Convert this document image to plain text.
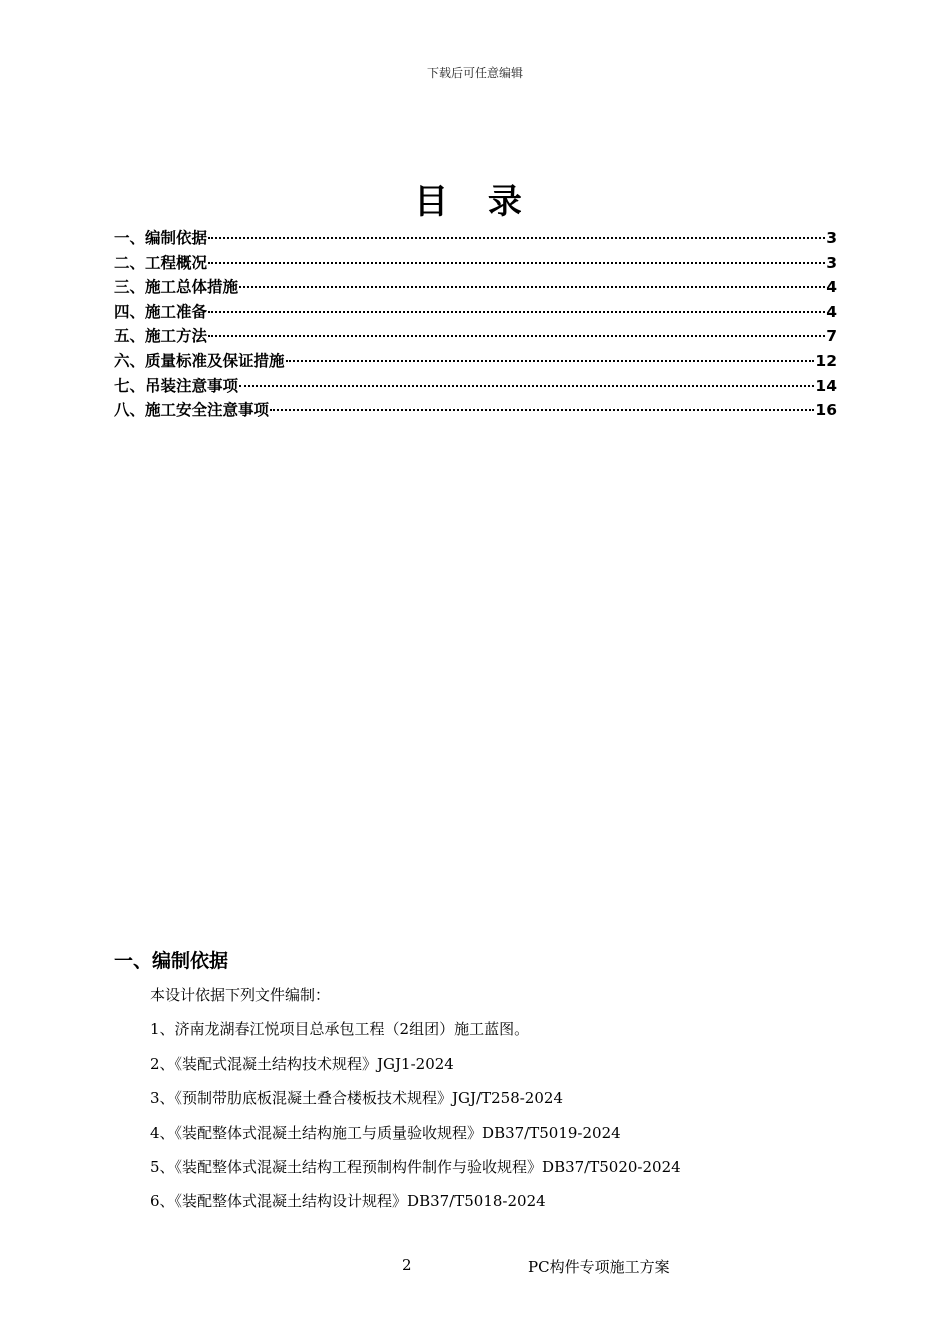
下载后可任意编辑
目 录
一、编制依据	3
二、工程概况	3
三、施工总体措施	4
四、施工准备	4
五、施工方法	7
六、质量标准及保证措施	12
七、吊装注意事项	14
八、施工安全注意事项	16
一、编制依据
本设计依据下列文件编制：
1、济南龙湖春江悦项目总承包工程（2组团）施工蓝图。
2、《装配式混凝土结构技术规程》JGJ1-2024
3、《预制带肋底板混凝土叠合楼板技术规程》JGJ/T258-2024
4、《装配整体式混凝土结构施工与质量验收规程》DB37/T5019-2024
5、《装配整体式混凝土结构工程预制构件制作与验收规程》DB37/T5020-2024
6、《装配整体式混凝土结构设计规程》DB37/T5018-2024
2	PC构件专项施工方案
